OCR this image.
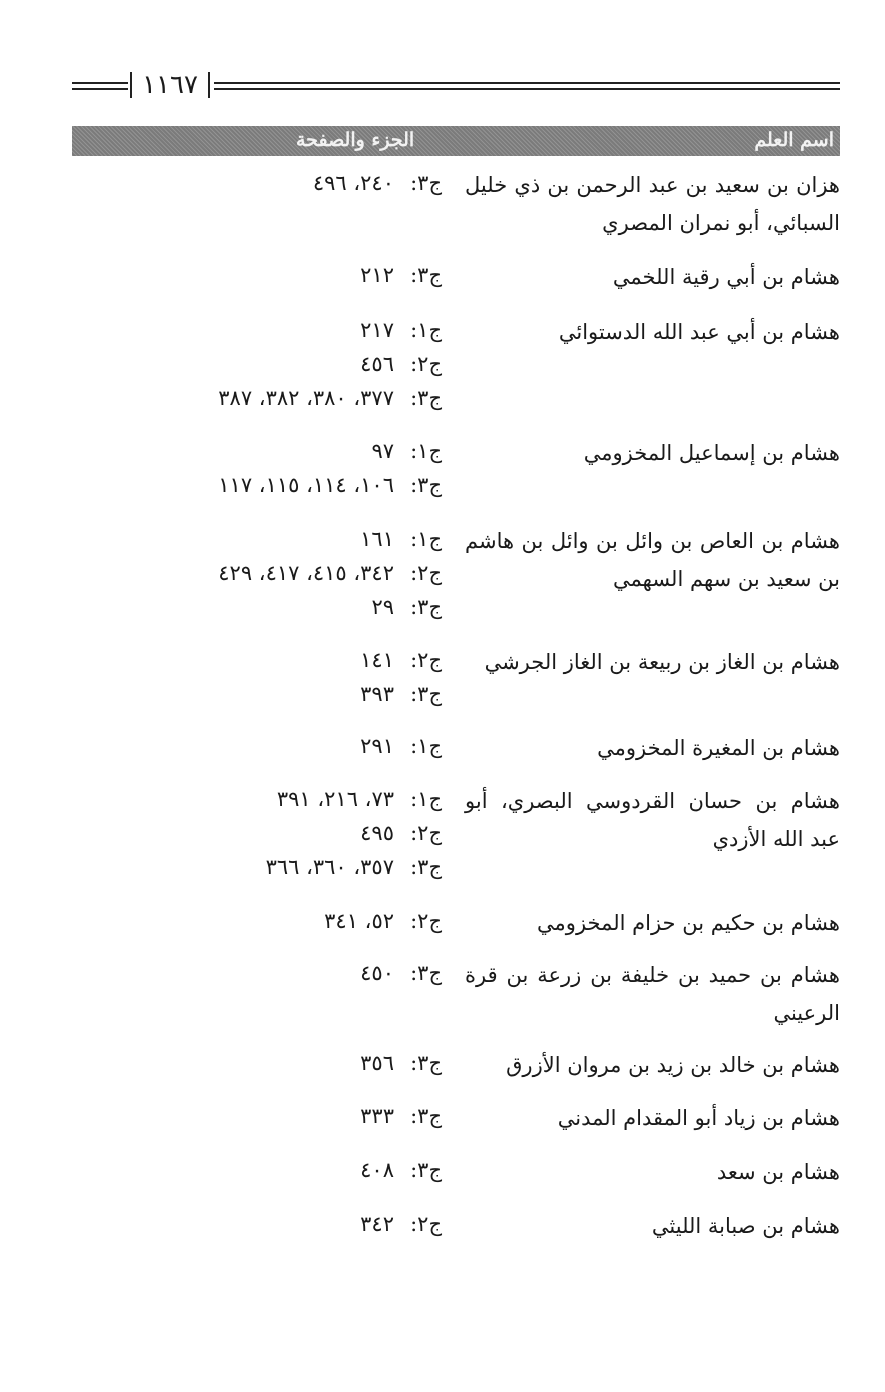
١١٦٧
اسم العلم
الجزء والصفحة
هزان بن سعيد بن عبد الرحمن بن ذي خليل السبائي، أبو نمران المصري
ج٣:٢٤٠، ٤٩٦
هشام بن أبي رقية اللخمي
ج٣:٢١٢
هشام بن أبي عبد الله الدستوائي
ج١:٢١٧
ج٢:٤٥٦
ج٣:٣٧٧، ٣٨٠، ٣٨٢، ٣٨٧
هشام بن إسماعيل المخزومي
ج١:٩٧
ج٣:١٠٦، ١١٤، ١١٥، ١١٧
هشام بن العاص بن وائل بن وائل بن هاشم بن سعيد بن سهم السهمي
ج١:١٦١
ج٢:٣٤٢، ٤١٥، ٤١٧، ٤٢٩
ج٣:٢٩
هشام بن الغاز بن ربيعة بن الغاز الجرشي
ج٢:١٤١
ج٣:٣٩٣
هشام بن المغيرة المخزومي
ج١:٢٩١
هشام بن حسان القردوسي البصري، أبو عبد الله الأزدي
ج١:٧٣، ٢١٦، ٣٩١
ج٢:٤٩٥
ج٣:٣٥٧، ٣٦٠، ٣٦٦
هشام بن حكيم بن حزام المخزومي
ج٢:٥٢، ٣٤١
هشام بن حميد بن خليفة بن زرعة بن قرة الرعيني
ج٣:٤٥٠
هشام بن خالد بن زيد بن مروان الأزرق
ج٣:٣٥٦
هشام بن زياد أبو المقدام المدني
ج٣:٣٣٣
هشام بن سعد
ج٣:٤٠٨
هشام بن صبابة الليثي
ج٢:٣٤٢
